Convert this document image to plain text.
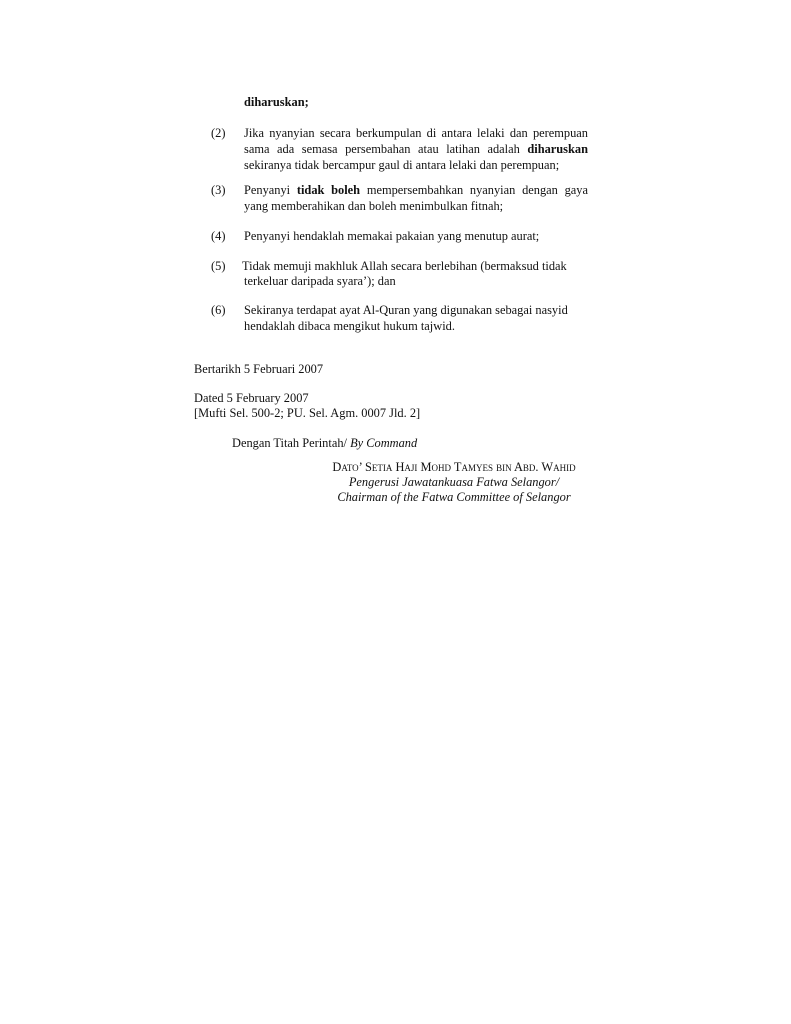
diharuskan;
(2)	Jika nyanyian secara berkumpulan di antara lelaki dan perempuan sama ada semasa persembahan atau latihan adalah diharuskan sekiranya tidak bercampur gaul di antara lelaki dan perempuan;
(3)	Penyanyi tidak boleh mempersembahkan nyanyian dengan gaya yang memberahikan dan boleh menimbulkan fitnah;
(4)	Penyanyi hendaklah memakai pakaian yang menutup aurat;
(5)	Tidak memuji makhluk Allah secara berlebihan (bermaksud tidak
terkeluar daripada syara’); dan
(6)	Sekiranya terdapat ayat Al-Quran yang digunakan sebagai nasyid
hendaklah dibaca mengikut hukum tajwid.
Bertarikh 5 Februari 2007
Dated 5 February 2007
[Mufti Sel. 500-2; PU. Sel. Agm. 0007 Jld. 2]
Dengan Titah Perintah/ By Command
Dato’ Setia Haji Mohd Tamyes bin Abd. Wahid
Pengerusi Jawatankuasa Fatwa Selangor/
Chairman of the Fatwa Committee of Selangor
